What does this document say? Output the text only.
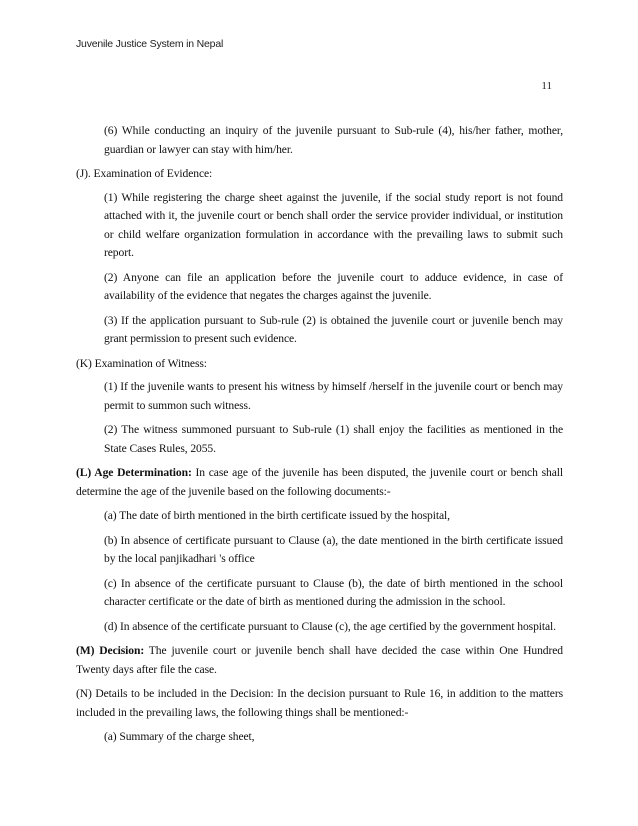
Juvenile Justice System in Nepal
11

(6) While conducting an inquiry of the juvenile pursuant to Sub-rule (4), his/her father, mother, guardian or lawyer can stay with him/her.

(J). Examination of Evidence:

(1) While registering the charge sheet against the juvenile, if the social study report is not found attached with it, the juvenile court or bench shall order the service provider individual, or institution or child welfare organization formulation in accordance with the prevailing laws to submit such report.

(2) Anyone can file an application before the juvenile court to adduce evidence, in case of availability of the evidence that negates the charges against the juvenile.

(3) If the application pursuant to Sub-rule (2) is obtained the juvenile court or juvenile bench may grant permission to present such evidence.

(K) Examination of Witness:

(1) If the juvenile wants to present his witness by himself /herself in the juvenile court or bench may permit to summon such witness.

(2) The witness summoned pursuant to Sub-rule (1) shall enjoy the facilities as mentioned in the State Cases Rules, 2055.

(L) Age Determination: In case age of the juvenile has been disputed, the juvenile court or bench shall determine the age of the juvenile based on the following documents:-

(a) The date of birth mentioned in the birth certificate issued by the hospital,

(b) In absence of certificate pursuant to Clause (a), the date mentioned in the birth certificate issued by the local panjikadhari 's office

(c) In absence of the certificate pursuant to Clause (b), the date of birth mentioned in the school character certificate or the date of birth as mentioned during the admission in the school.

(d) In absence of the certificate pursuant to Clause (c), the age certified by the government hospital.

(M) Decision: The juvenile court or juvenile bench shall have decided the case within One Hundred Twenty days after file the case.

(N) Details to be included in the Decision: In the decision pursuant to Rule 16, in addition to the matters included in the prevailing laws, the following things shall be mentioned:-

(a) Summary of the charge sheet,
